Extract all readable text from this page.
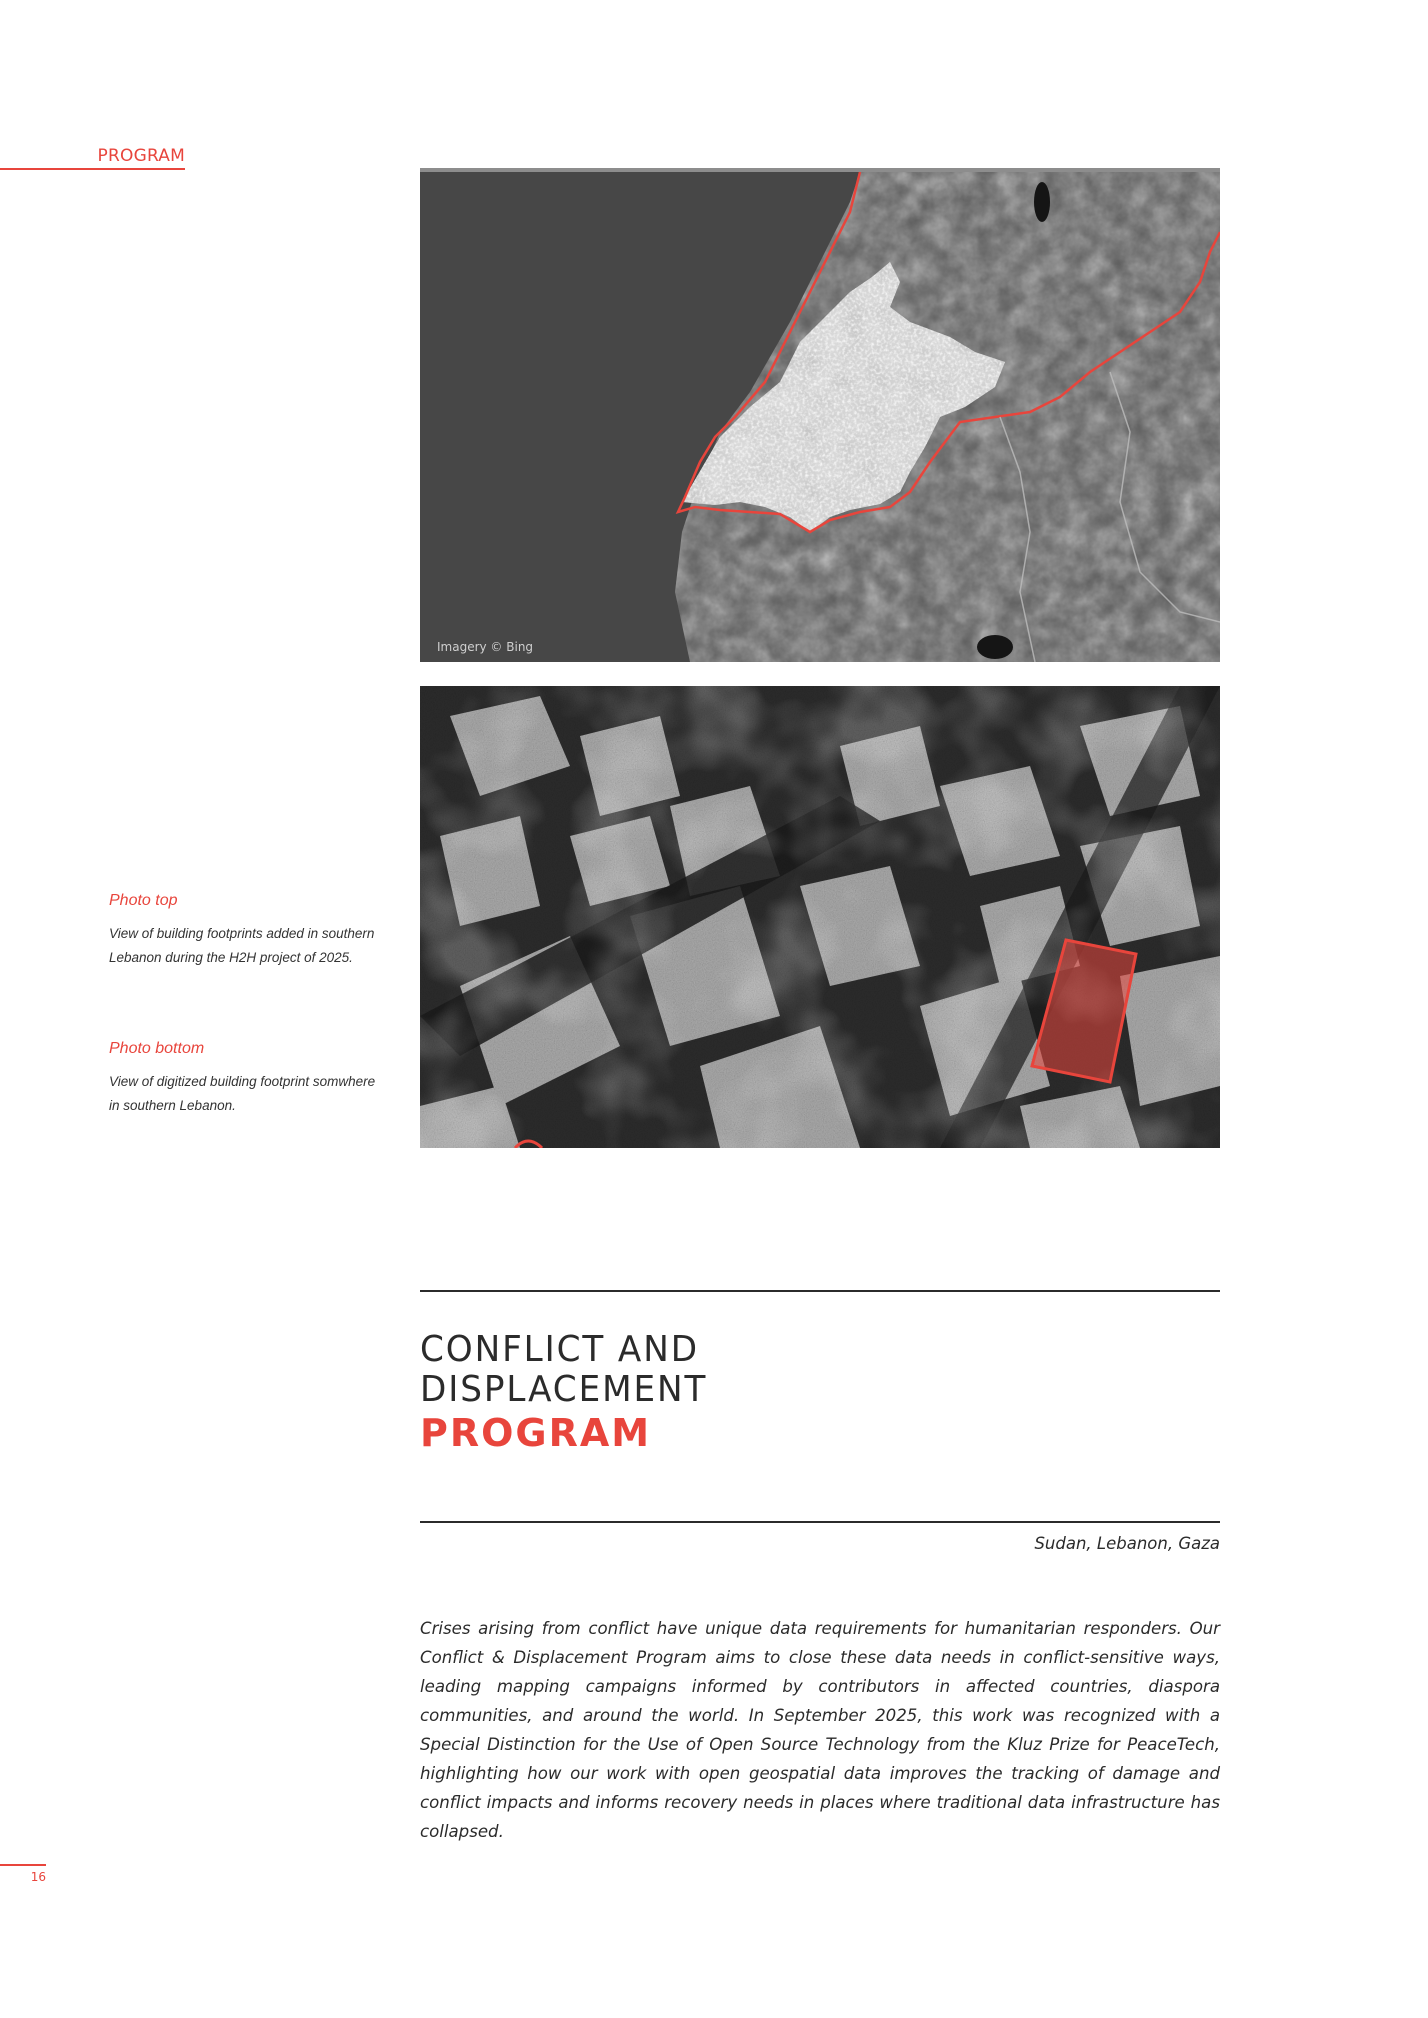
PROGRAM
Imagery © Bing
Photo top
View of building footprints added in southern Lebanon during the H2H project of 2025.
Photo bottom
View of digitized building footprint somwhere in southern Lebanon.
CONFLICT AND
DISPLACEMENT
PROGRAM
Sudan, Lebanon, Gaza
Crises arising from conflict have unique data requirements for humanitarian responders. Our Conflict & Displacement Program aims to close these data needs in conflict-sensitive ways, leading mapping campaigns informed by contributors in affected countries, diaspora communities, and around the world. In September 2025, this work was recognized with a Special Distinction for the Use of Open Source Technology from the Kluz Prize for PeaceTech, highlighting how our work with open geospatial data improves the tracking of damage and conflict impacts and informs recovery needs in places where traditional data infrastructure has collapsed.
16
